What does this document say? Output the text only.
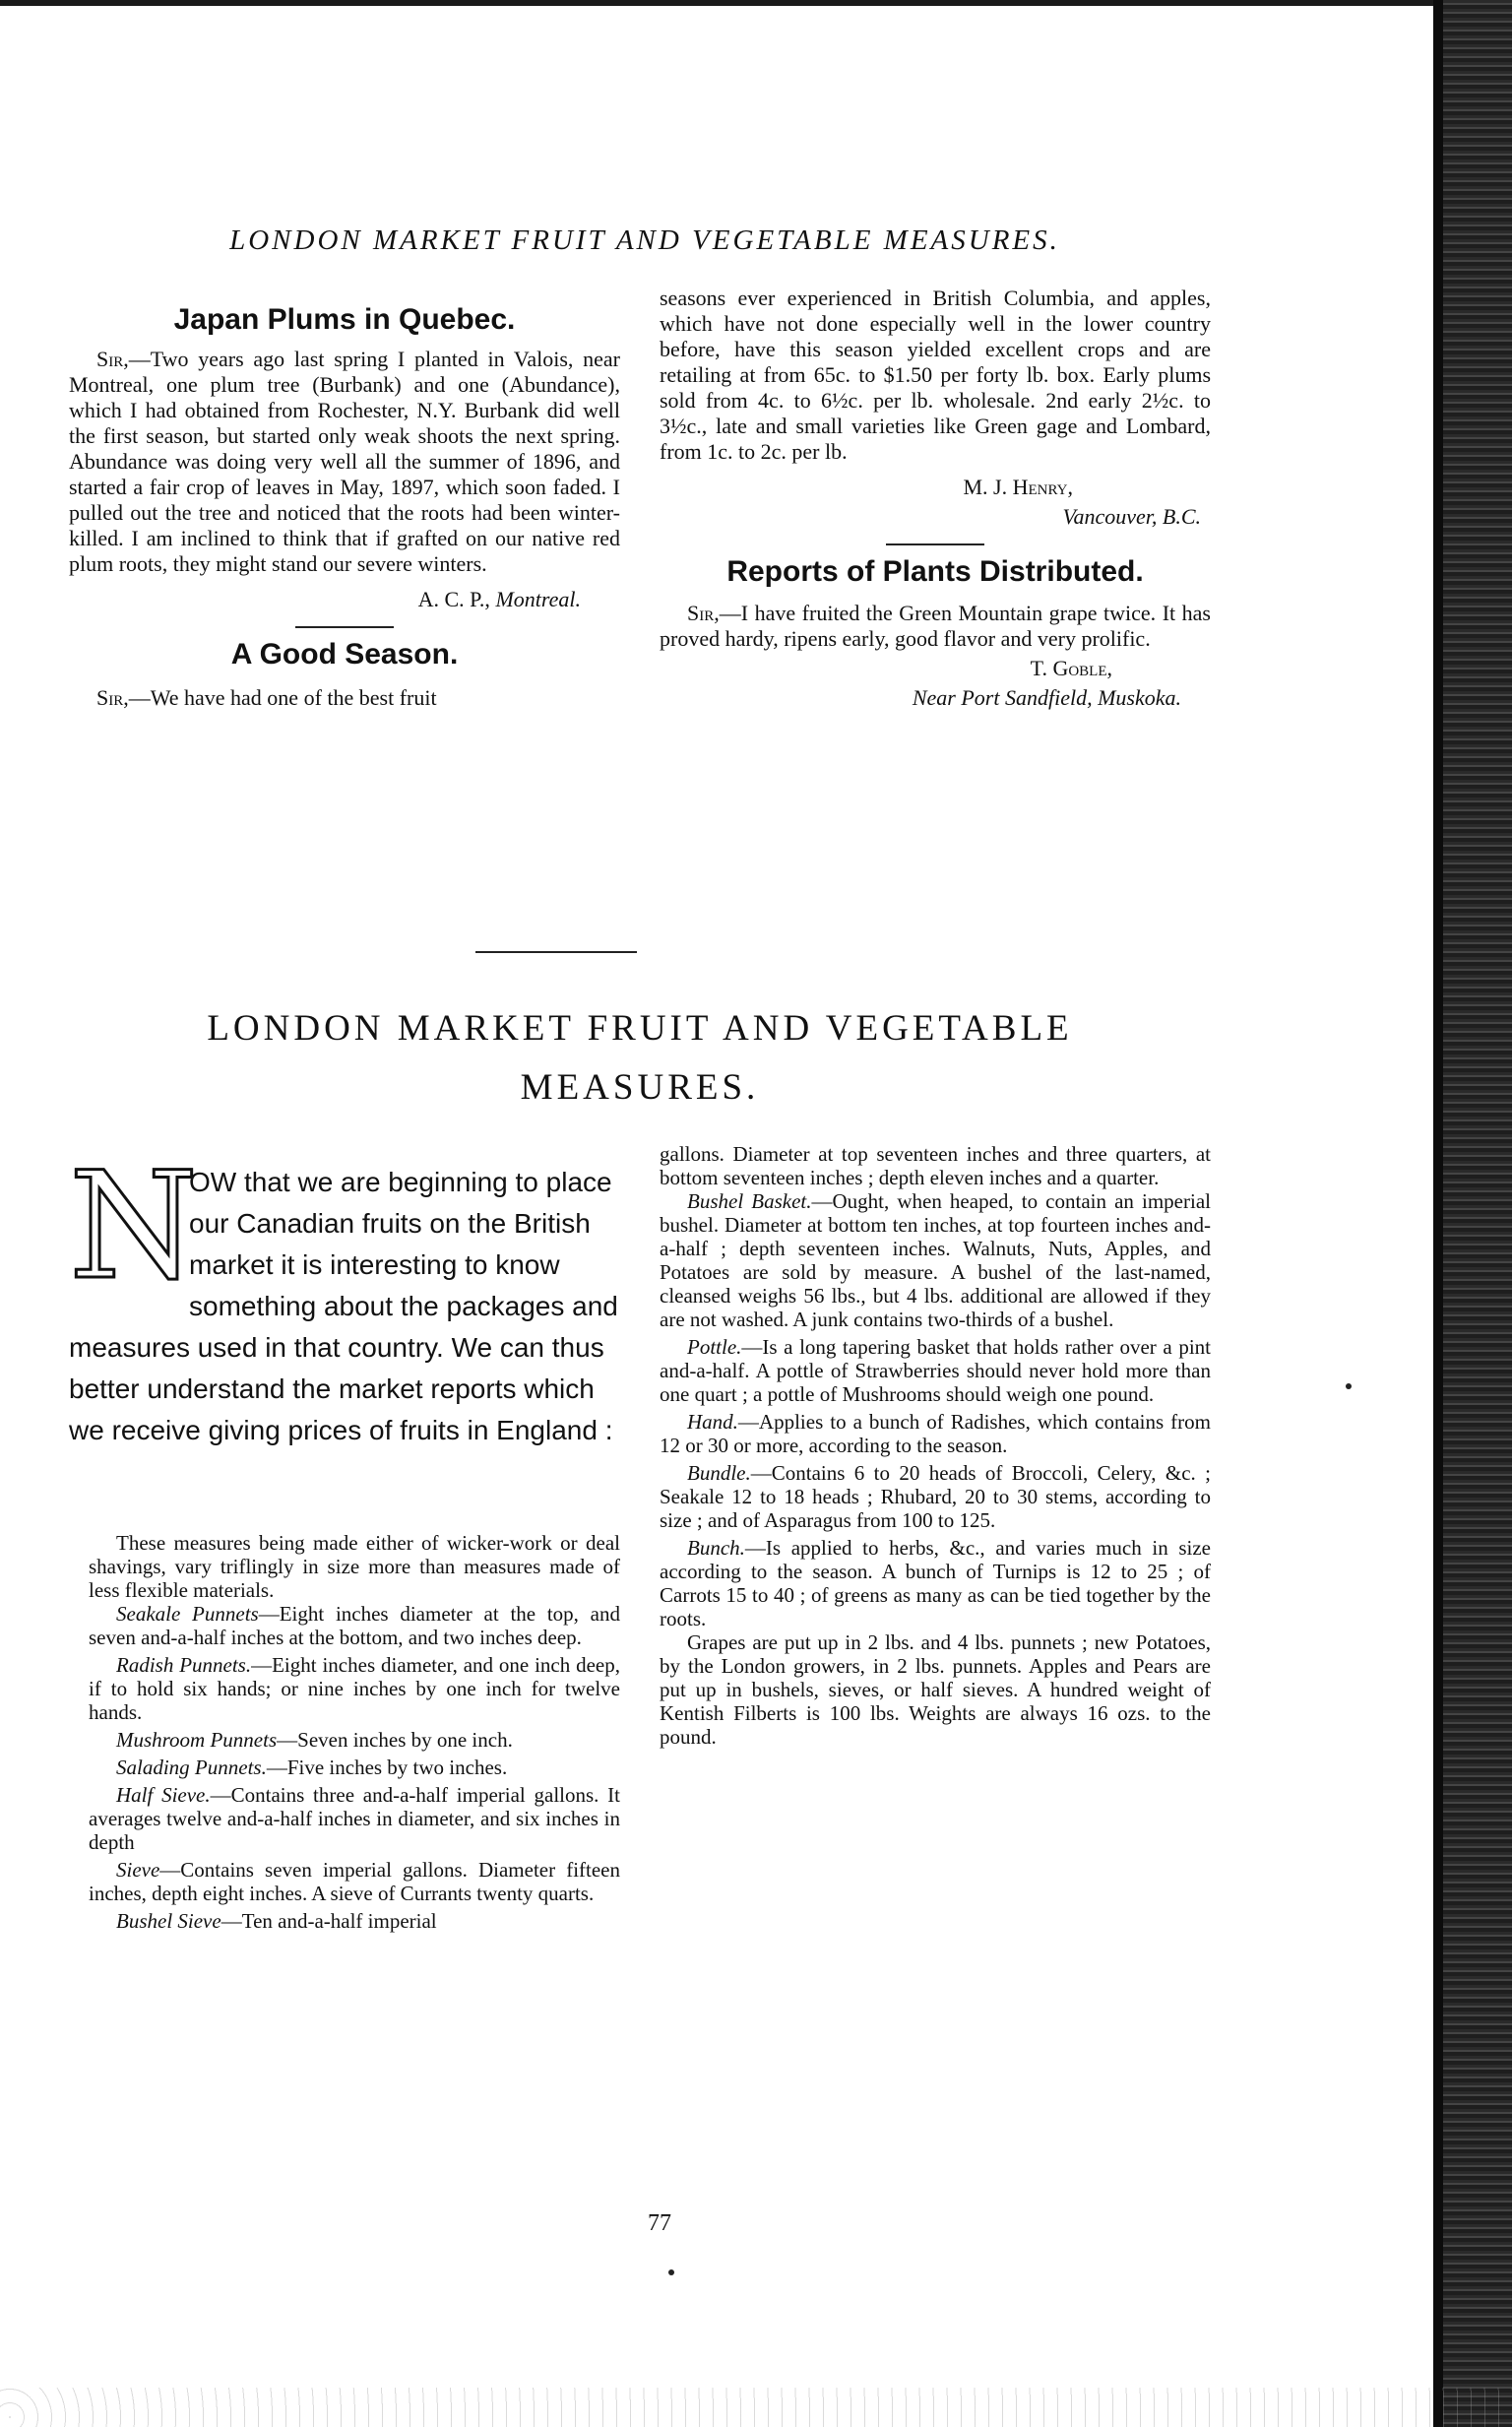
LONDON MARKET FRUIT AND VEGETABLE MEASURES.
Japan Plums in Quebec.

Sir,—Two years ago last spring I planted in Valois, near Montreal, one plum tree (Burbank) and one (Abundance), which I had obtained from Rochester, N.Y. Burbank did well the first season, but started only weak shoots the next spring. Abundance was doing very well all the summer of 1896, and started a fair crop of leaves in May, 1897, which soon faded. I pulled out the tree and noticed that the roots had been winter-killed. I am inclined to think that if grafted on our native red plum roots, they might stand our severe winters.

A. C. P., Montreal.

A Good Season.

Sir,—We have had one of the best fruit

seasons ever experienced in British Columbia, and apples, which have not done especially well in the lower country before, have this season yielded excellent crops and are retailing at from 65c. to $1.50 per forty lb. box. Early plums sold from 4c. to 6½c. per lb. wholesale. 2nd early 2½c. to 3½c., late and small varieties like Green gage and Lombard, from 1c. to 2c. per lb.

M. J. Henry,

Vancouver, B.C.

Reports of Plants Distributed.

Sir,—I have fruited the Green Mountain grape twice. It has proved hardy, ripens early, good flavor and very prolific.

T. Goble,

Near Port Sandfield, Muskoka.

LONDON MARKET FRUIT AND VEGETABLE
MEASURES.
N
OW that we are beginning to place our Canadian fruits on the British market it is interesting to know something about the packages and measures used in that country. We can thus better understand the market reports which we receive giving prices of fruits in England :

These measures being made either of wicker-work or deal shavings, vary triflingly in size more than measures made of less flexible materials.

Seakale Punnets—Eight inches diameter at the top, and seven and-a-half inches at the bottom, and two inches deep.

Radish Punnets.—Eight inches diameter, and one inch deep, if to hold six hands; or nine inches by one inch for twelve hands.

Mushroom Punnets—Seven inches by one inch.

Salading Punnets.—Five inches by two inches.

Half Sieve.—Contains three and-a-half imperial gallons. It averages twelve and-a-half inches in diameter, and six inches in depth

Sieve—Contains seven imperial gallons. Diameter fifteen inches, depth eight inches. A sieve of Currants twenty quarts.

Bushel Sieve—Ten and-a-half imperial

gallons. Diameter at top seventeen inches and three quarters, at bottom seventeen inches ; depth eleven inches and a quarter.

Bushel Basket.—Ought, when heaped, to contain an imperial bushel. Diameter at bottom ten inches, at top fourteen inches and-a-half ; depth seventeen inches. Walnuts, Nuts, Apples, and Potatoes are sold by measure. A bushel of the last-named, cleansed weighs 56 lbs., but 4 lbs. additional are allowed if they are not washed. A junk contains two-thirds of a bushel.

Pottle.—Is a long tapering basket that holds rather over a pint and-a-half. A pottle of Strawberries should never hold more than one quart ; a pottle of Mushrooms should weigh one pound.

Hand.—Applies to a bunch of Radishes, which contains from 12 or 30 or more, according to the season.

Bundle.—Contains 6 to 20 heads of Broccoli, Celery, &c. ; Seakale 12 to 18 heads ; Rhubard, 20 to 30 stems, according to size ; and of Asparagus from 100 to 125.

Bunch.—Is applied to herbs, &c., and varies much in size according to the season. A bunch of Turnips is 12 to 25 ; of Carrots 15 to 40 ; of greens as many as can be tied together by the roots.

Grapes are put up in 2 lbs. and 4 lbs. punnets ; new Potatoes, by the London growers, in 2 lbs. punnets. Apples and Pears are put up in bushels, sieves, or half sieves. A hundred weight of Kentish Filberts is 100 lbs. Weights are always 16 ozs. to the pound.

77
